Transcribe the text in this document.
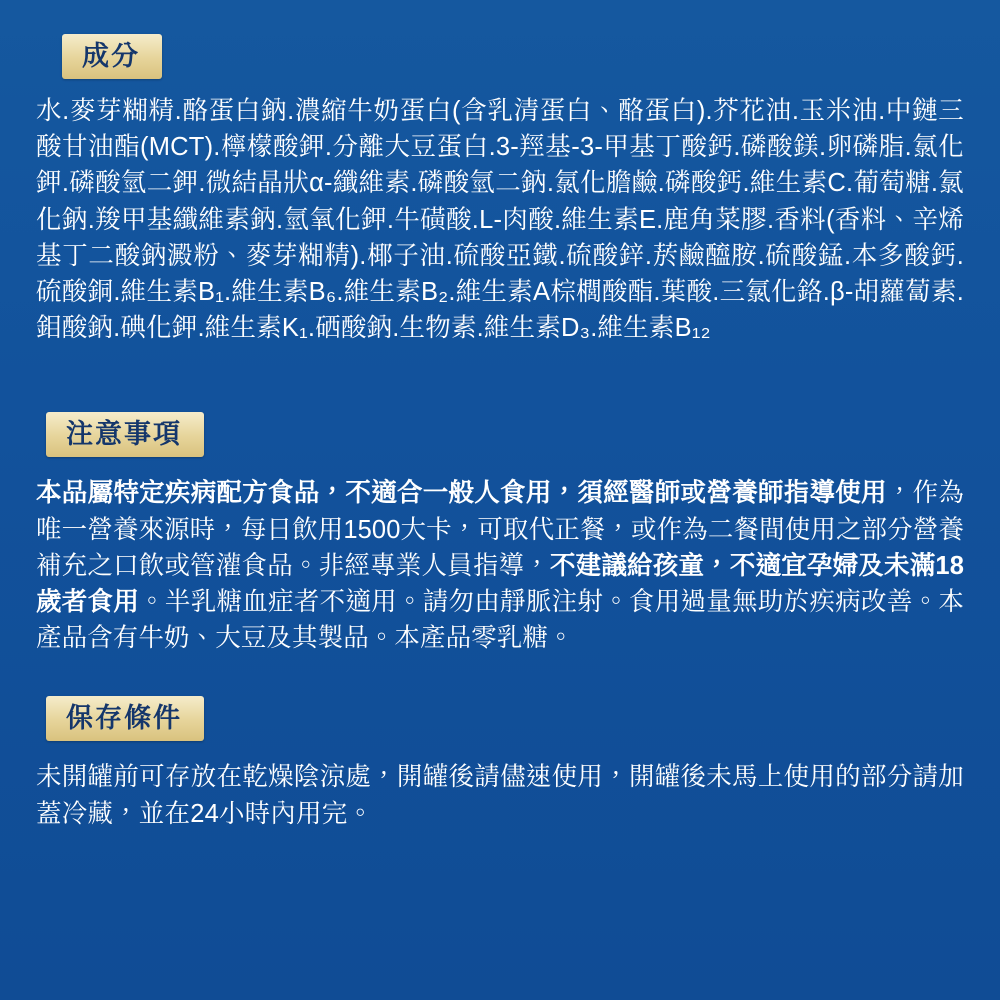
成分
水.麥芽糊精.酪蛋白鈉.濃縮牛奶蛋白(含乳清蛋白、酪蛋白).芥花油.玉米油.中鏈三酸甘油酯(MCT).檸檬酸鉀.分離大豆蛋白.3-羥基-3-甲基丁酸鈣.磷酸鎂.卵磷脂.氯化鉀.磷酸氫二鉀.微結晶狀α-纖維素.磷酸氫二鈉.氯化膽鹼.磷酸鈣.維生素C.葡萄糖.氯化鈉.羧甲基纖維素鈉.氫氧化鉀.牛磺酸.L-肉酸.維生素E.鹿角菜膠.香料(香料、辛烯基丁二酸鈉澱粉、麥芽糊精).椰子油.硫酸亞鐵.硫酸鋅.菸鹼醯胺.硫酸錳.本多酸鈣.硫酸銅.維生素B₁.維生素B₆.維生素B₂.維生素A棕櫚酸酯.葉酸.三氯化鉻.β-胡蘿蔔素.鉬酸鈉.碘化鉀.維生素K₁.硒酸鈉.生物素.維生素D₃.維生素B₁₂
注意事項
本品屬特定疾病配方食品，不適合一般人食用，須經醫師或營養師指導使用，作為唯一營養來源時，每日飲用1500大卡，可取代正餐，或作為二餐間使用之部分營養補充之口飲或管灌食品。非經專業人員指導，不建議給孩童，不適宜孕婦及未滿18歲者食用。半乳糖血症者不適用。請勿由靜脈注射。食用過量無助於疾病改善。本產品含有牛奶、大豆及其製品。本產品零乳糖。
保存條件
未開罐前可存放在乾燥陰涼處，開罐後請儘速使用，開罐後未馬上使用的部分請加蓋冷藏，並在24小時內用完。
